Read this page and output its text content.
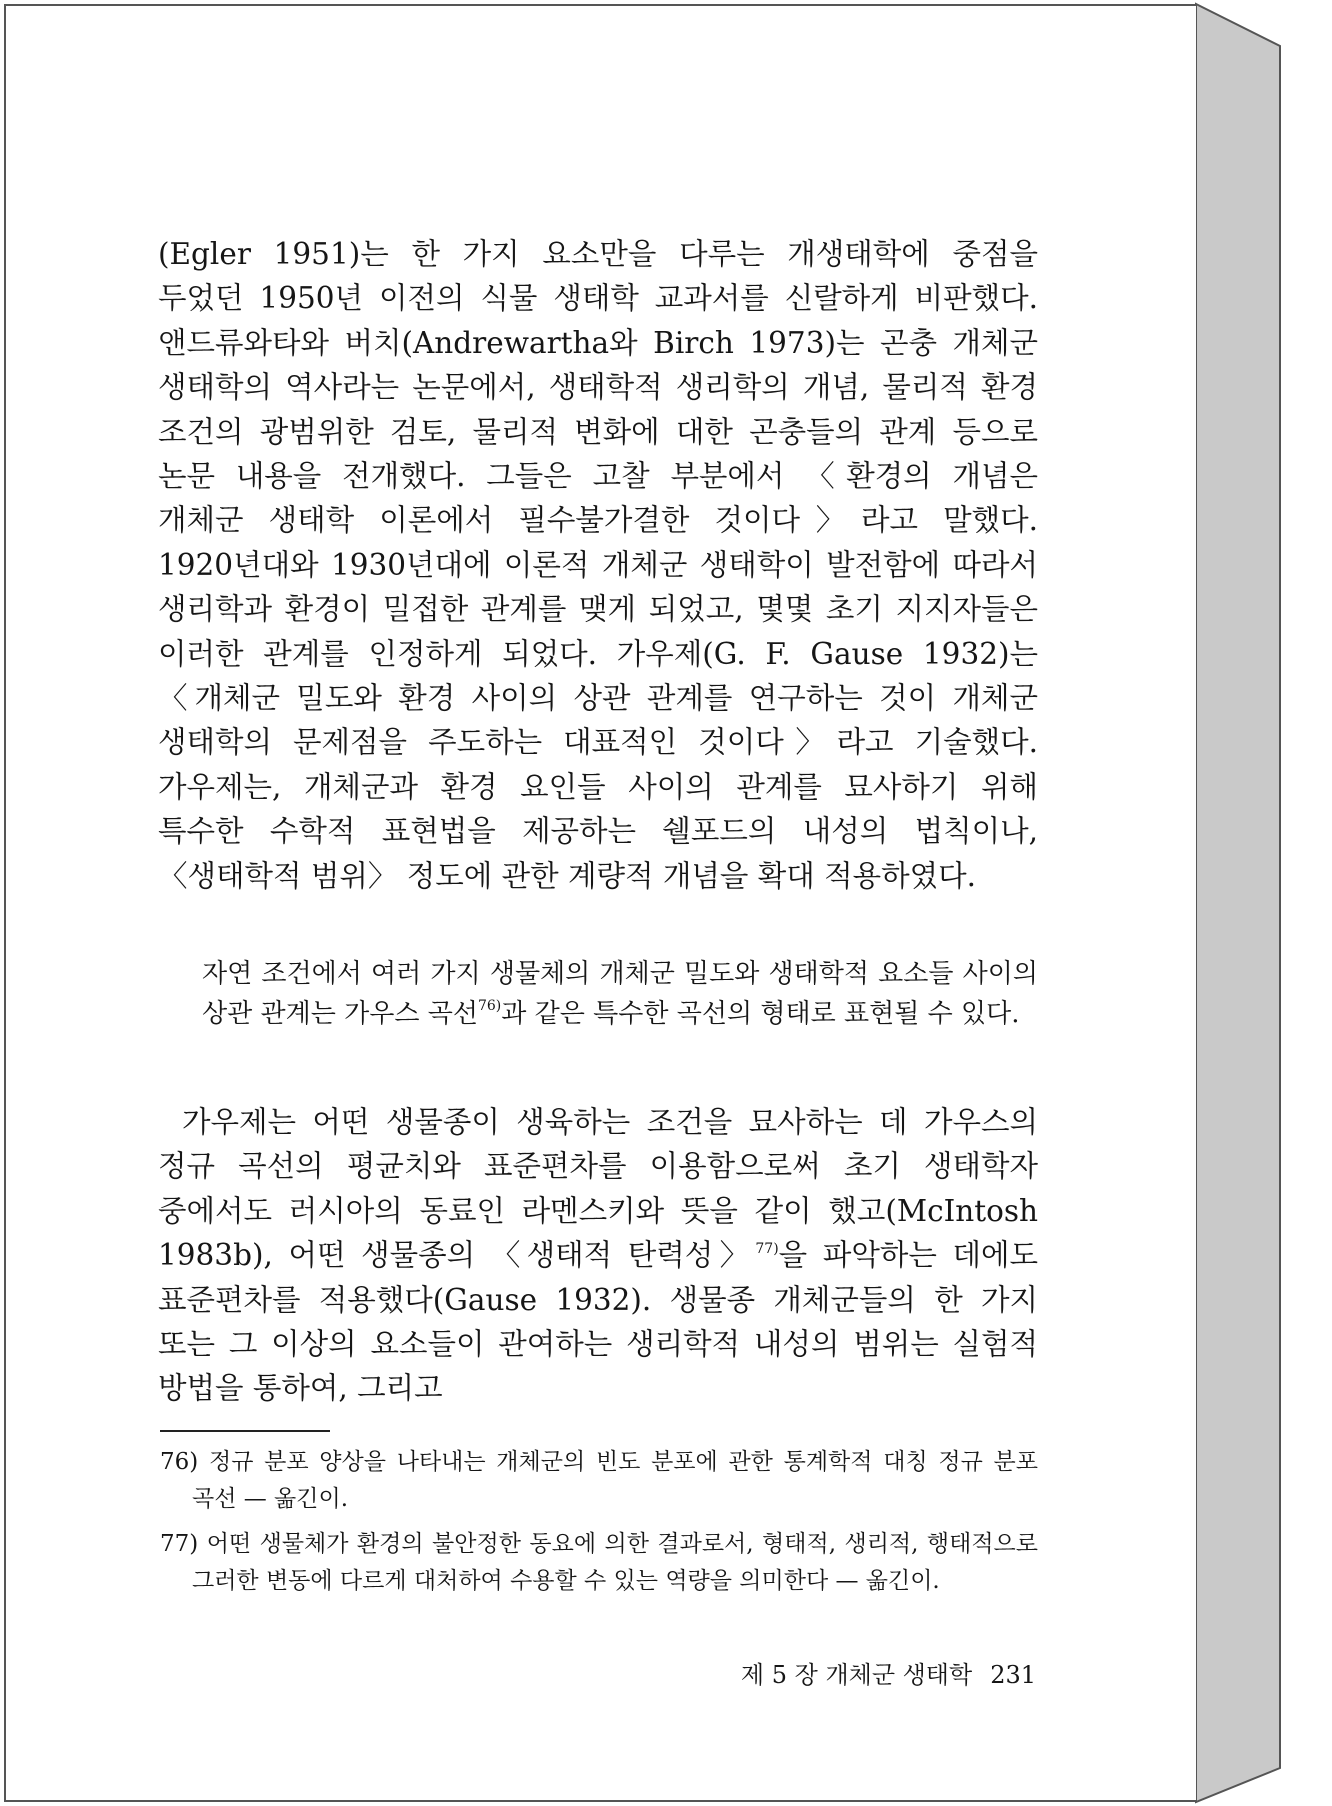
(Egler 1951)는 한 가지 요소만을 다루는 개생태학에 중점을 두었던 1950년 이전의 식물 생태학 교과서를 신랄하게 비판했다. 앤드류와타와 버치(Andrewartha와 Birch 1973)는 곤충 개체군 생태학의 역사라는 논문에서, 생태학적 생리학의 개념, 물리적 환경 조건의 광범위한 검토, 물리적 변화에 대한 곤충들의 관계 등으로 논문 내용을 전개했다. 그들은 고찰 부분에서 〈환경의 개념은 개체군 생태학 이론에서 필수불가결한 것이다〉라고 말했다. 1920년대와 1930년대에 이론적 개체군 생태학이 발전함에 따라서 생리학과 환경이 밀접한 관계를 맺게 되었고, 몇몇 초기 지지자들은 이러한 관계를 인정하게 되었다. 가우제(G. F. Gause 1932)는 〈개체군 밀도와 환경 사이의 상관 관계를 연구하는 것이 개체군 생태학의 문제점을 주도하는 대표적인 것이다〉라고 기술했다. 가우제는, 개체군과 환경 요인들 사이의 관계를 묘사하기 위해 특수한 수학적 표현법을 제공하는 쉘포드의 내성의 법칙이나, 〈생태학적 범위〉 정도에 관한 계량적 개념을 확대 적용하였다.

자연 조건에서 여러 가지 생물체의 개체군 밀도와 생태학적 요소들 사이의 상관 관계는 가우스 곡선$^{76)}$과 같은 특수한 곡선의 형태로 표현될 수 있다.

가우제는 어떤 생물종이 생육하는 조건을 묘사하는 데 가우스의 정규 곡선의 평균치와 표준편차를 이용함으로써 초기 생태학자 중에서도 러시아의 동료인 라멘스키와 뜻을 같이 했고(McIntosh 1983b), 어떤 생물종의 〈생태적 탄력성〉$^{77)}$을 파악하는 데에도 표준편차를 적용했다(Gause 1932). 생물종 개체군들의 한 가지 또는 그 이상의 요소들이 관여하는 생리학적 내성의 범위는 실험적 방법을 통하여, 그리고

76) 정규 분포 양상을 나타내는 개체군의 빈도 분포에 관한 통계학적 대칭 정규 분포 곡선 — 옮긴이.

77) 어떤 생물체가 환경의 불안정한 동요에 의한 결과로서, 형태적, 생리적, 행태적으로 그러한 변동에 다르게 대처하여 수용할 수 있는 역량을 의미한다 — 옮긴이.

제 5 장 개체군 생태학 231
